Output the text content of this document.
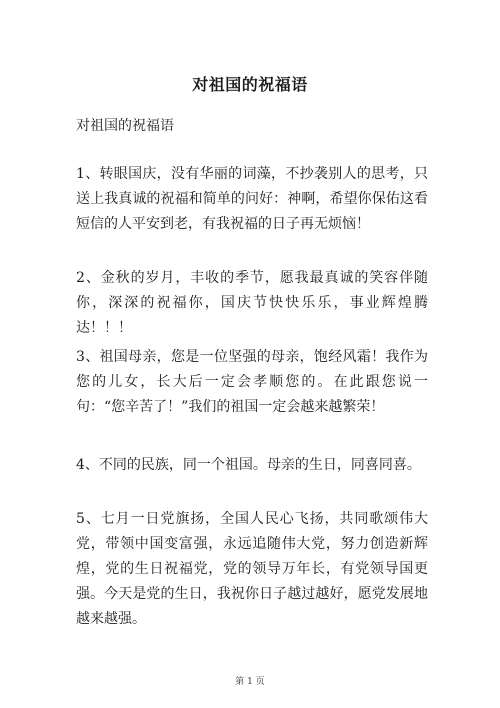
对祖国的祝福语
对祖国的祝福语
1、转眼国庆，没有华丽的词藻，不抄袭别人的思考，只送上我真诚的祝福和简单的问好：神啊，希望你保佑这看短信的人平安到老，有我祝福的日子再无烦恼！
2、金秋的岁月，丰收的季节，愿我最真诚的笑容伴随你，深深的祝福你，国庆节快快乐乐，事业辉煌腾达！！！
3、祖国母亲，您是一位坚强的母亲，饱经风霜！我作为您的儿女，长大后一定会孝顺您的。在此跟您说一句：“您辛苦了！”我们的祖国一定会越来越繁荣！
4、不同的民族，同一个祖国。母亲的生日，同喜同喜。
5、七月一日党旗扬，全国人民心飞扬，共同歌颂伟大党，带领中国变富强，永远追随伟大党，努力创造新辉煌，党的生日祝福党，党的领导万年长，有党领导国更强。今天是党的生日，我祝你日子越过越好，愿党发展地越来越强。
第 1 页
